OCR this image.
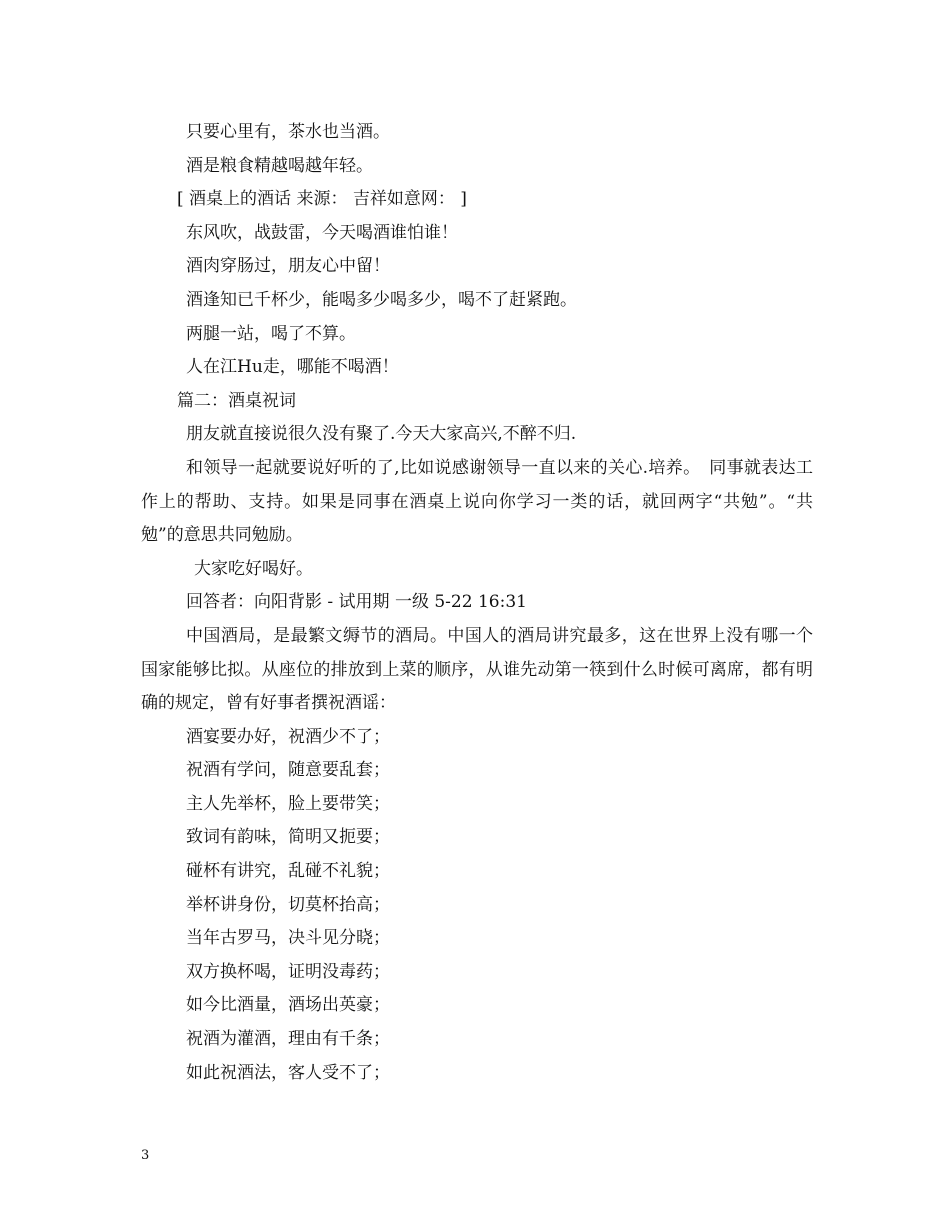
只要心里有，茶水也当酒。
酒是粮食精越喝越年轻。
[ 酒桌上的酒话 来源： 吉祥如意网： ]
东风吹，战鼓雷，今天喝酒谁怕谁！
酒肉穿肠过，朋友心中留！
酒逢知已千杯少，能喝多少喝多少，喝不了赶紧跑。
两腿一站，喝了不算。
人在江Hu走，哪能不喝酒！
篇二：酒桌祝词
朋友就直接说很久没有聚了.今天大家高兴,不醉不归.
和领导一起就要说好听的了,比如说感谢领导一直以来的关心.培养。　同事就表达工作上的帮助、支持。如果是同事在酒桌上说向你学习一类的话，就回两字“共勉”。“共勉”的意思共同勉励。
大家吃好喝好。
回答者：向阳背影 - 试用期 一级 5-22 16:31
中国酒局，是最繁文缛节的酒局。中国人的酒局讲究最多，这在世界上没有哪一个国家能够比拟。从座位的排放到上菜的顺序，从谁先动第一筷到什么时候可离席，都有明确的规定，曾有好事者撰祝酒谣：
酒宴要办好，祝酒少不了；
祝酒有学问，随意要乱套；
主人先举杯，脸上要带笑；
致词有韵味，简明又扼要；
碰杯有讲究，乱碰不礼貌；
举杯讲身份，切莫杯抬高；
当年古罗马，决斗见分晓；
双方换杯喝，证明没毒药；
如今比酒量，酒场出英豪；
祝酒为灌酒，理由有千条；
如此祝酒法，客人受不了；
3
